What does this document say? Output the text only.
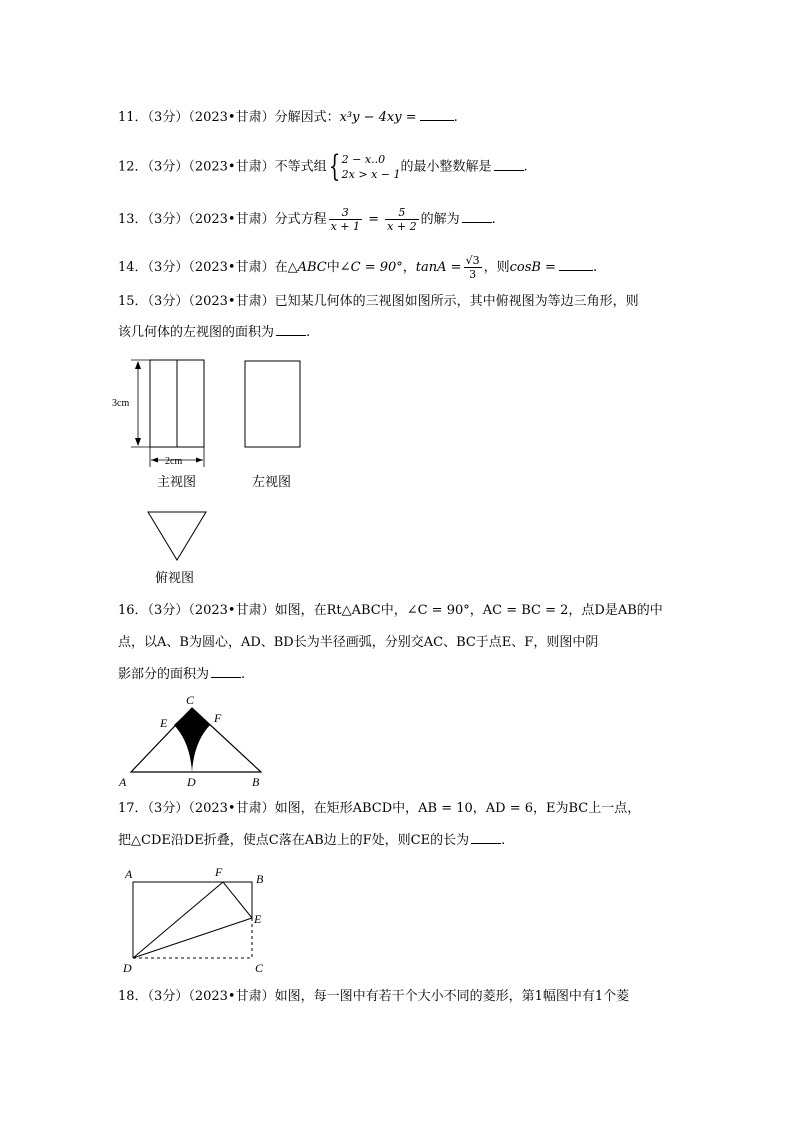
11．（3分）（2023•甘肃）分解因式：x³y − 4xy =	.
12．（3分）（2023•甘肃）不等式组{ 2 − x..0
2x > x − 1 的最小整数解是 .
13．（3分）（2023•甘肃）分式方程 $\frac{3}{x + 1} = \frac{5}{x + 2}$ 的解为 .
14．（3分）（2023•甘肃）在△ABC中∠C = 90°，$\tan A = \frac{√3}{3}$ ，则cosB =	.
15．（3分）（2023•甘肃）已知某几何体的三视图如图所示，其中俯视图为等边三角形，则
该几何体的左视图的面积为 .
3cm
2cm
主视图	左视图
俯视图
16．（3分）（2023•甘肃）如图，在Rt△ABC中，∠C = 90°，AC = BC = 2，点D是AB的中
点，以A、B为圆心，AD、BD长为半径画弧，分别交AC、BC于点E、F，则图中阴
影部分的面积为 .
C
E	F
A	D	B
17．（3分）（2023•甘肃）如图，在矩形ABCD中，AB = 10，AD = 6，E为BC上一点，
把△CDE沿DE折叠，使点C落在AB边上的F处，则CE的长为 .
A	F	B
E
D	C
18．（3分）（2023•甘肃）如图，每一图中有若干个大小不同的菱形，第1幅图中有1个菱
